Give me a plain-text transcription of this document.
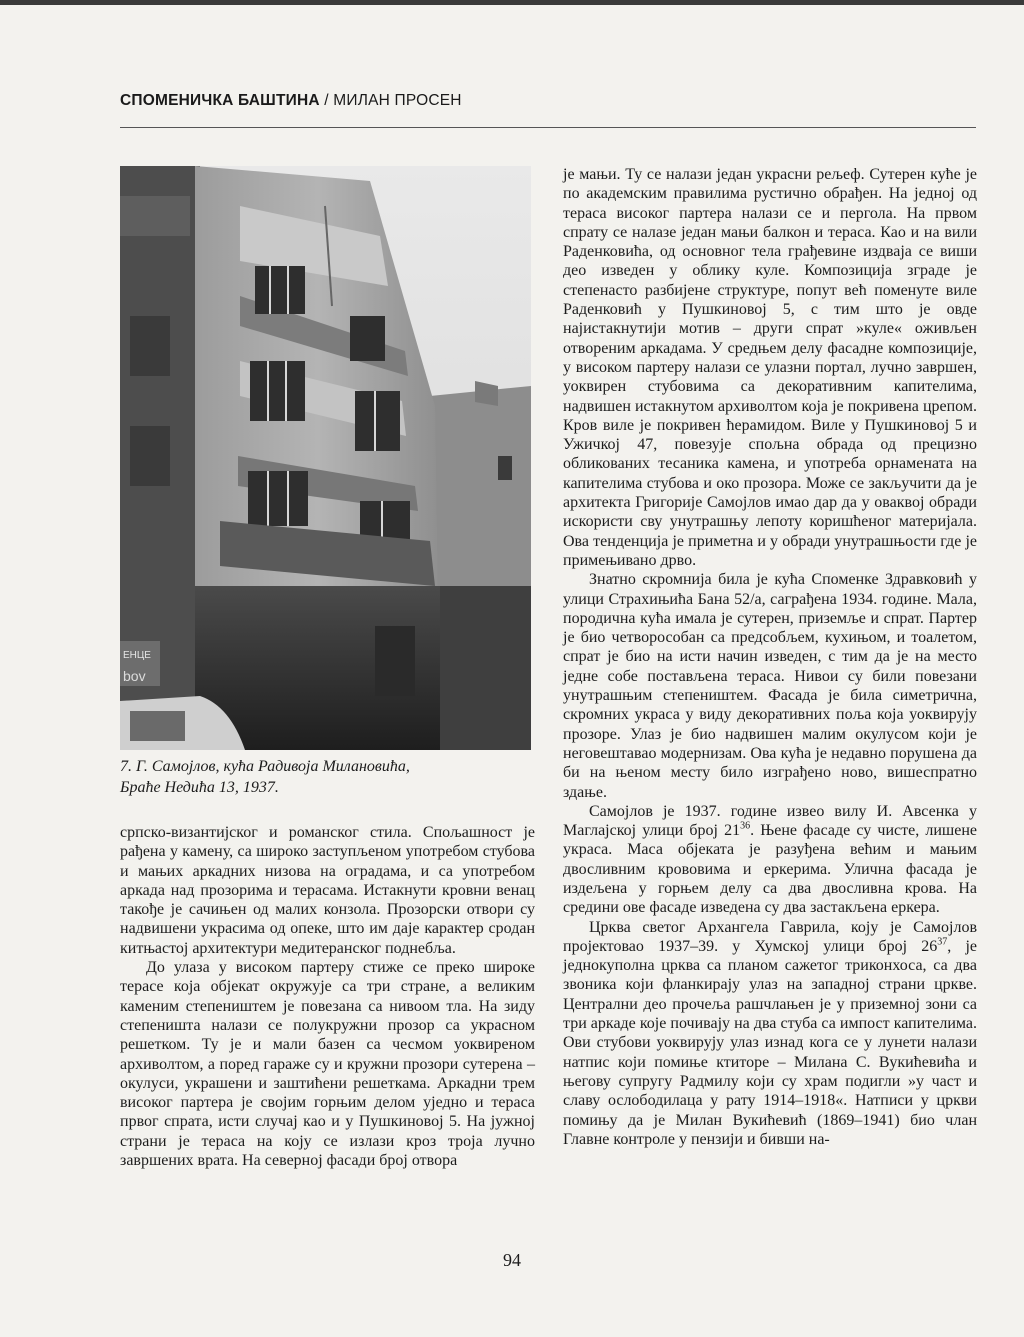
СПОМЕНИЧКА БАШТИНА / МИЛАН ПРОСЕН
ЕНЦЕ
bov
7. Г. Самојлов, кућа Радивоја Милановића,
Браће Недића 13, 1937.

српско-византијског и романског стила. Спољашност је рађена у камену, са широко заступљеном употребом стубова и мањих аркадних низова на оградама, и са употребом аркада над прозорима и терасама. Истакнути кровни венац такође је сачињен од малих конзола. Прозорски отвори су надвишени украсима од опеке, што им даје карактер сродан китњастој архитектури медитеранског поднебља.

До улаза у високом партеру стиже се преко широке терасе која објекат окружује са три стране, а великим каменим степеништем је повезана са нивоом тла. На зиду степеништа налази се полукружни прозор са украсном решетком. Ту је и мали базен са чесмом уоквиреном архиволтом, а поред гараже су и кружни прозори сутерена – окулуси, украшени и заштићени решеткама. Аркадни трем високог партера је својим горњим делом уједно и тераса првог спрата, исти случај као и у Пушкиновој 5. На јужној страни је тераса на коју се излази кроз троја лучно завршених врата. На северној фасади број отвора

је мањи. Ту се налази један украсни рељеф. Сутерен куће је по академским правилима рустично обрађен. На једној од тераса високог партера налази се и пергола. На првом спрату се налазе један мањи балкон и тераса. Као и на вили Раденковића, од основног тела грађевине издваја се виши део изведен у облику куле. Композиција зграде је степенасто разбијене структуре, попут већ поменуте виле Раденковић у Пушкиновој 5, с тим што је овде најистакнутији мотив – други спрат »куле« оживљен отвореним аркадама. У средњем делу фасадне композиције, у високом партеру налази се улазни портал, лучно завршен, уоквирен стубовима са декоративним капителима, надвишен истакнутом архиволтом која је покривена црепом. Кров виле је покривен ћерамидом. Виле у Пушкиновој 5 и Ужичкој 47, повезује спољна обрада од прецизно обликованих тесаника камена, и употреба орнамената на капителима стубова и око прозора. Може се закључити да је архитекта Григорије Самојлов имао дар да у оваквој обради искористи сву унутрашњу лепоту коришћеног материјала. Ова тенденција је приметна и у обради унутрашњости где је примењивано дрво.

Знатно скромнија била је кућа Споменке Здравковић у улици Страхињића Бана 52/а, саграђена 1934. године. Мала, породична кућа имала је сутерен, приземље и спрат. Партер је био четворособан са предсобљем, кухињом, и тоалетом, спрат је био на исти начин изведен, с тим да је на место једне собе постављена тераса. Нивои су били повезани унутрашњим степеништем. Фасада је била симетрична, скромних украса у виду декоративних поља која уоквирују прозоре. Улаз је био надвишен малим окулусом који је неговештавао модернизам. Ова кућа је недавно порушена да би на њеном месту било изграђено ново, вишеспратно здање.

Самојлов је 1937. године извео вилу И. Авсенка у Маглајској улици број $21^{36}$. Њене фасаде су чисте, лишене украса. Маса објеката је разуђена већим и мањим двосливним крововима и еркерима. Улична фасада је издељена у горњем делу са два двосливна крова. На средини ове фасаде изведена су два застакљена еркера.

Црква светог Архангела Гаврила, коју је Самојлов пројектовао 1937–39. у Хумској улици број $26^{37}$, је једнокуполна црква са планом сажетог триконхоса, са два звоника који фланкирају улаз на западној страни цркве. Централни део прочеља рашчлањен је у приземној зони са три аркаде које почивају на два стуба са импост капителима. Ови стубови уоквирују улаз изнад кога се у лунети налази натпис који помиње ктиторе – Милана С. Вукићевића и његову супругу Радмилу који су храм подигли »у част и славу ослободилаца у рату 1914–1918«. Натписи у цркви помињу да је Милан Вукићевић (1869–1941) био члан Главне контроле у пензији и бивши на-

94
